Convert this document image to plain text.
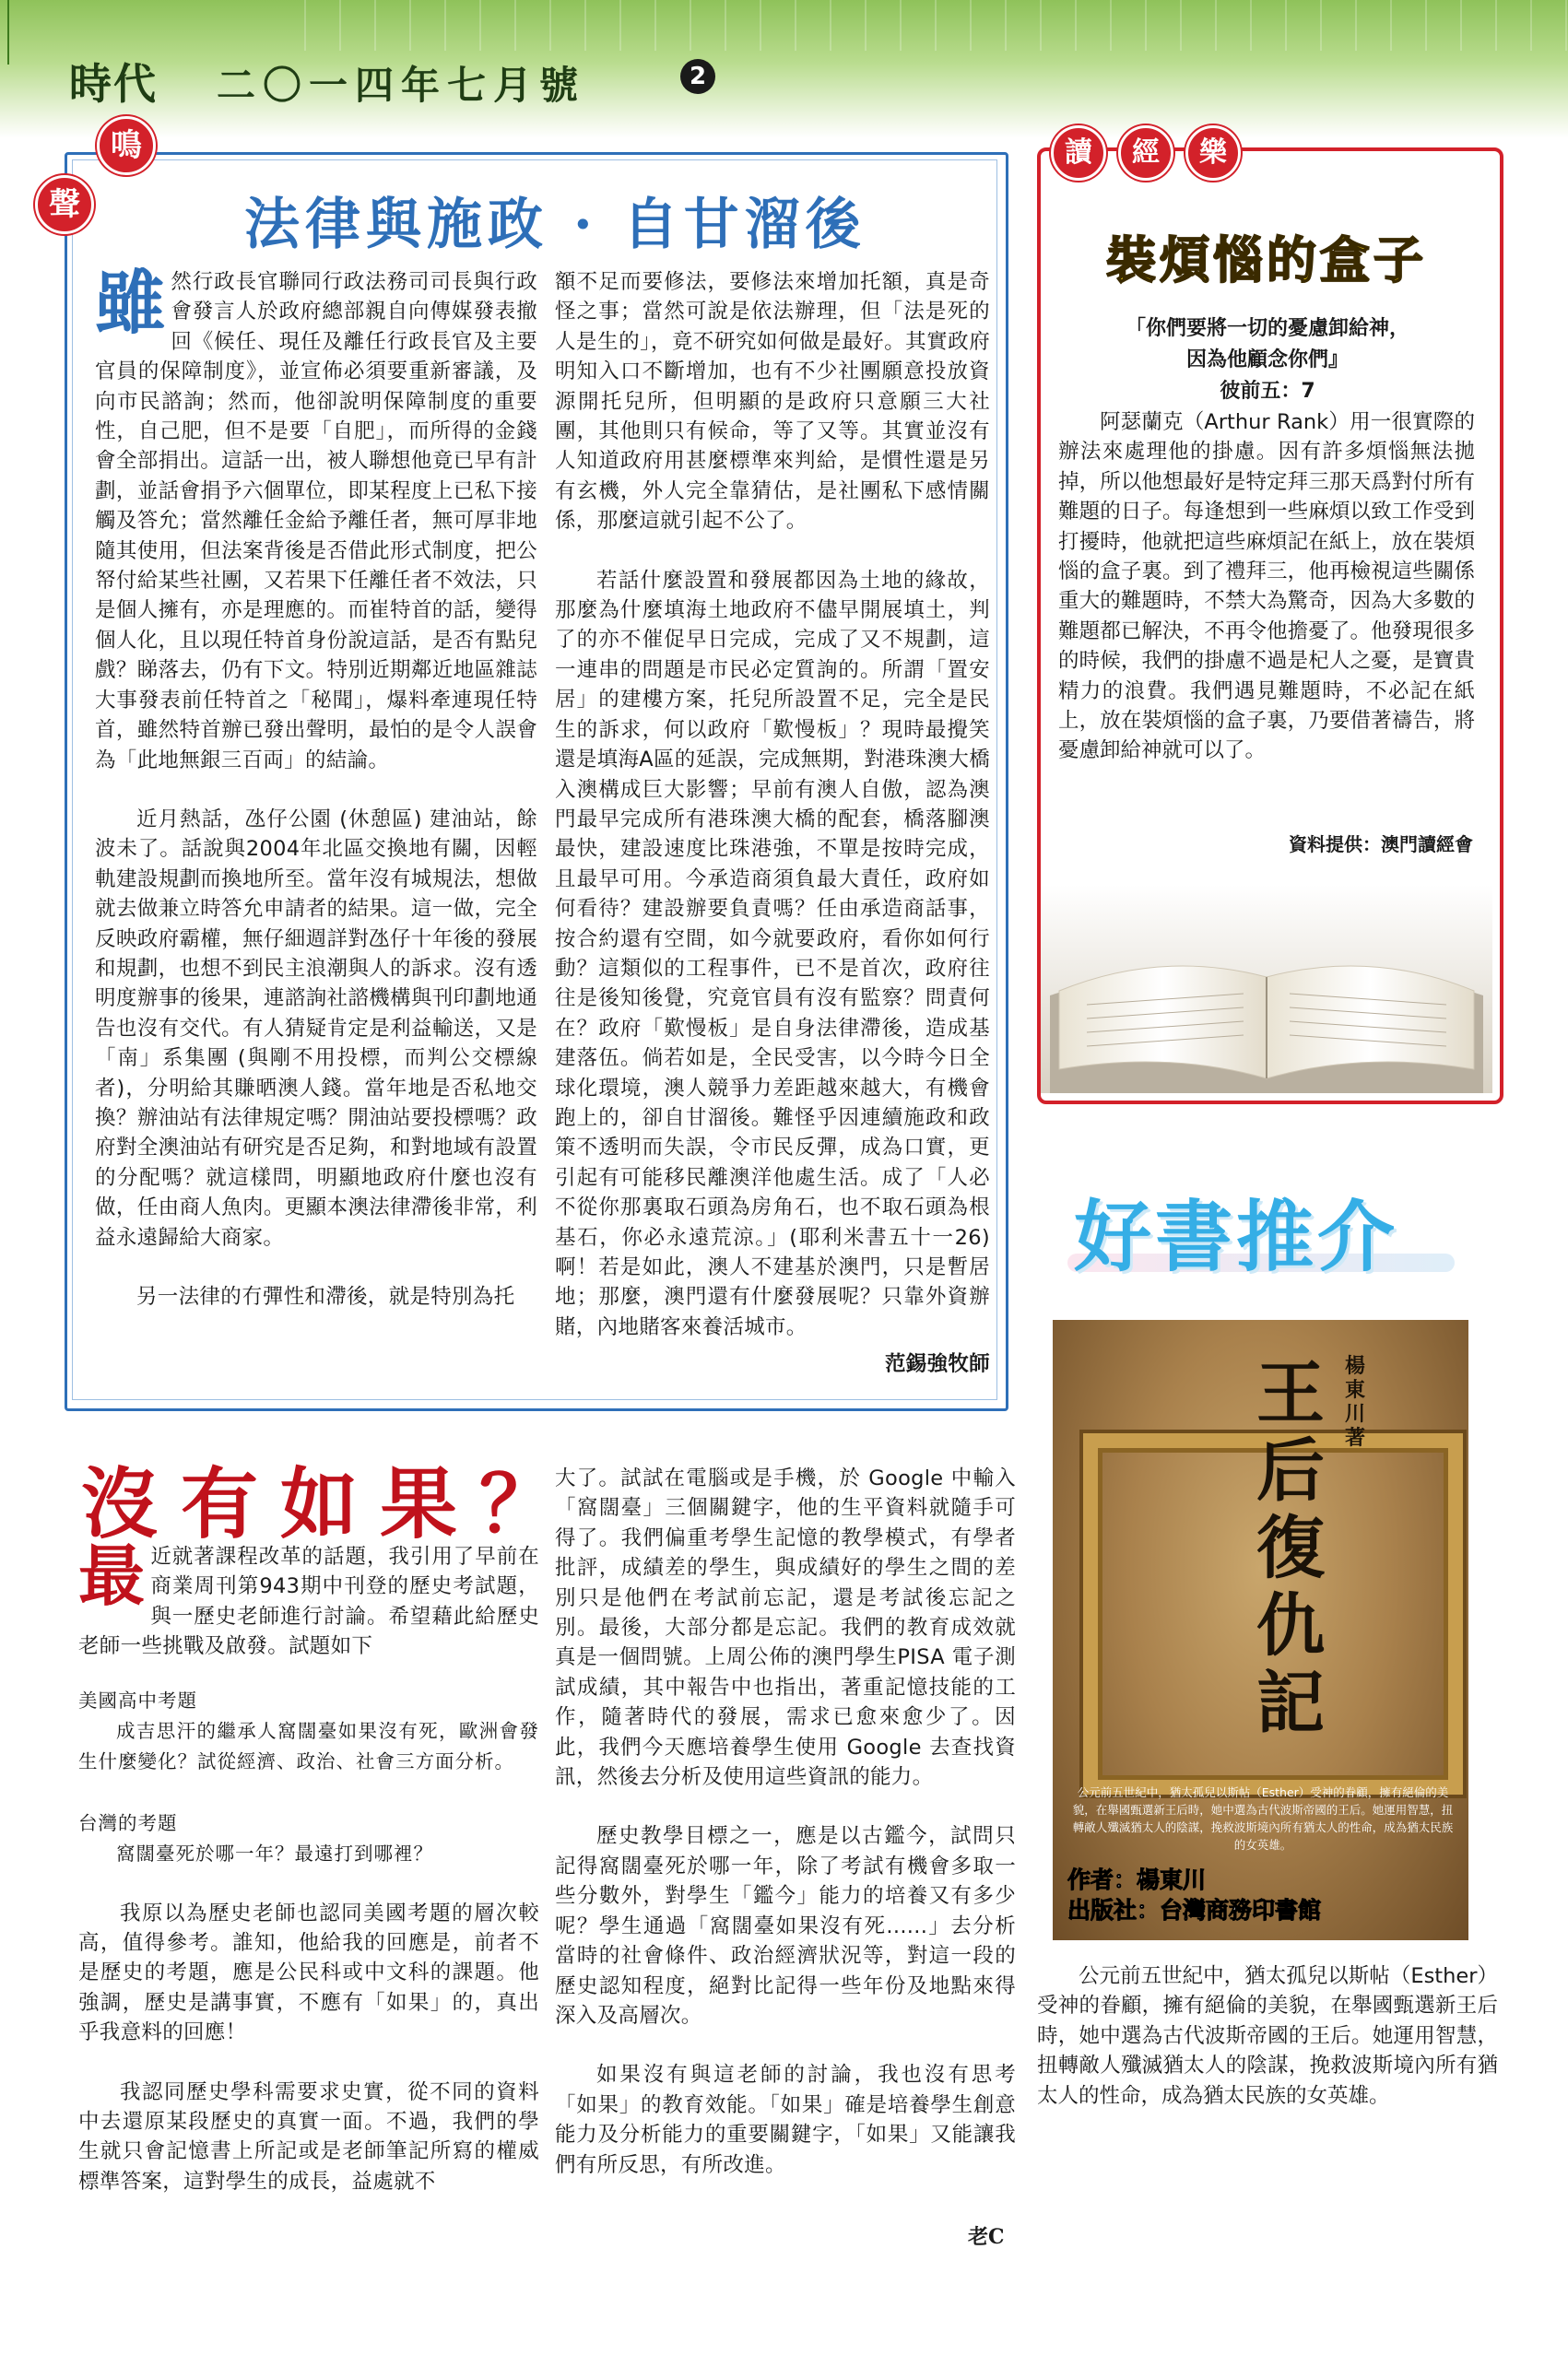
時代 二〇一四年七月號	2
鳴
聲	法律與施政 · 自甘溜後

雖然行政長官聯同行政法務司司長與行政會發言人於政府總部親自向傳媒發表撤回《候任、現任及離任行政長官及主要官員的保障制度》，並宣佈必須要重新審議，及向市民諮詢；然而，他卻說明保障制度的重要性，自己肥，但不是要「自肥」，而所得的金錢會全部捐出。這話一出，被人聯想他竟已早有計劃，並話會捐予六個單位，即某程度上已私下接觸及答允；當然離任金給予離任者，無可厚非地隨其使用，但法案背後是否借此形式制度，把公帑付給某些社團，又若果下任離任者不效法，只是個人擁有，亦是理應的。而崔特首的話，變得個人化，且以現任特首身份說這話，是否有點兒戲？睇落去，仍有下文。特別近期鄰近地區雜誌大事發表前任特首之「秘聞」，爆料牽連現任特首，雖然特首辦已發出聲明，最怕的是令人誤會為「此地無銀三百両」的結論。

近月熱話，氹仔公園 (休憩區) 建油站，餘波未了。話說與2004年北區交換地有關，因輕軌建設規劃而換地所至。當年沒有城規法，想做就去做兼立時答允申請者的結果。這一做，完全反映政府霸權，無仔細週詳對氹仔十年後的發展和規劃，也想不到民主浪潮與人的訴求。沒有透明度辦事的後果，連諮詢社諮機構與刊印劃地通告也沒有交代。有人猜疑肯定是利益輸送，又是「南」系集團 (與剛不用投標，而判公交標線者)，分明給其賺晒澳人錢。當年地是否私地交換？辦油站有法律規定嗎？開油站要投標嗎？政府對全澳油站有研究是否足夠，和對地域有設置的分配嗎？就這樣問，明顯地政府什麼也沒有做，任由商人魚肉。更顯本澳法律滯後非常，利益永遠歸給大商家。

另一法律的冇彈性和滯後，就是特別為托

額不足而要修法，要修法來增加托額，真是奇怪之事；當然可說是依法辦理，但「法是死的人是生的」，竟不研究如何做是最好。其實政府明知入口不斷增加，也有不少社團願意投放資源開托兒所，但明顯的是政府只意願三大社團，其他則只有候命，等了又等。其實並沒有人知道政府用甚麼標準來判給，是慣性還是另有玄機，外人完全靠猜估，是社團私下感情關係，那麼這就引起不公了。

若話什麼設置和發展都因為土地的緣故，那麼為什麼填海土地政府不儘早開展填土，判了的亦不催促早日完成，完成了又不規劃，這一連串的問題是市民必定質詢的。所謂「置安居」的建樓方案，托兒所設置不足，完全是民生的訴求，何以政府「歎慢板」？現時最攪笑還是填海A區的延誤，完成無期，對港珠澳大橋入澳構成巨大影響；早前有澳人自傲，認為澳門最早完成所有港珠澳大橋的配套，橋落腳澳最快，建設速度比珠港強，不單是按時完成，且最早可用。今承造商須負最大責任，政府如何看待？建設辦要負責嗎？任由承造商話事，按合約還有空間，如今就要政府，看你如何行動？這類似的工程事件，已不是首次，政府往往是後知後覺，究竟官員有沒有監察？問責何在？政府「歎慢板」是自身法律滯後，造成基建落伍。倘若如是，全民受害，以今時今日全球化環境，澳人競爭力差距越來越大，有機會跑上的，卻自甘溜後。難怪乎因連續施政和政策不透明而失誤，令市民反彈，成為口實，更引起有可能移民離澳洋他處生活。成了「人必不從你那裏取石頭為房角石，也不取石頭為根基石，你必永遠荒涼。」(耶利米書五十一26) 啊！若是如此，澳人不建基於澳門，只是暫居地；那麼，澳門還有什麼發展呢？只靠外資辦賭，內地賭客來養活城市。

范錫強牧師

讀	經	樂
裝煩惱的盒子
「你們要將一切的憂慮卸給神，
因為他顧念你們』
彼前五：7

阿瑟蘭克（Arthur Rank）用一很實際的辦法來處理他的掛慮。因有許多煩惱無法拋掉，所以他想最好是特定拜三那天爲對付所有難題的日子。每逢想到一些麻煩以致工作受到打擾時，他就把這些麻煩記在紙上，放在裝煩惱的盒子裏。到了禮拜三，他再檢視這些關係重大的難題時，不禁大為驚奇，因為大多數的難題都已解決，不再令他擔憂了。他發現很多的時候，我們的掛慮不過是杞人之憂，是寶貴精力的浪費。我們遇見難題時，不必記在紙上，放在裝煩惱的盒子裏，乃要借著禱告，將憂慮卸給神就可以了。

資料提供：澳門讀經會
好書推介
王后復仇記
楊東川 著
公元前五世紀中，猶太孤兒以斯帖（Esther）受神的眷顧，擁有絕倫的美貌，在舉國甄選新王后時，她中選為古代波斯帝國的王后。她運用智慧，扭轉敵人殲滅猶太人的陰謀，挽救波斯境內所有猶太人的性命，成為猶太民族的女英雄。
作者：楊東川
出版社：台灣商務印書館

公元前五世紀中，猶太孤兒以斯帖（Esther）受神的眷顧，擁有絕倫的美貌，在舉國甄選新王后時，她中選為古代波斯帝國的王后。她運用智慧，扭轉敵人殲滅猶太人的陰謀，挽救波斯境內所有猶太人的性命，成為猶太民族的女英雄。

沒有如果？

最近就著課程改革的話題，我引用了早前在商業周刊第943期中刊登的歷史考試題，與一歷史老師進行討論。希望藉此給歷史老師一些挑戰及啟發。試題如下

美國高中考題
成吉思汗的繼承人窩闊臺如果沒有死，歐洲會發生什麼變化？試從經濟、政治、社會三方面分析。
台灣的考題
窩闊臺死於哪一年？最遠打到哪裡？

我原以為歷史老師也認同美國考題的層次較高，值得參考。誰知，他給我的回應是，前者不是歷史的考題，應是公民科或中文科的課題。他強調，歷史是講事實，不應有「如果」的，真出乎我意料的回應！

我認同歷史學科需要求史實，從不同的資料中去還原某段歷史的真實一面。不過，我們的學生就只會記憶書上所記或是老師筆記所寫的權威標準答案，這對學生的成長，益處就不

大了。試試在電腦或是手機，於 Google 中輸入「窩闊臺」三個關鍵字，他的生平資料就隨手可得了。我們偏重考學生記憶的教學模式，有學者批評，成績差的學生，與成績好的學生之間的差別只是他們在考試前忘記，還是考試後忘記之別。最後，大部分都是忘記。我們的教育成效就真是一個問號。上周公佈的澳門學生PISA 電子測試成績，其中報告中也指出，著重記憶技能的工作，隨著時代的發展，需求已愈來愈少了。因此，我們今天應培養學生使用 Google 去查找資訊，然後去分析及使用這些資訊的能力。

歷史教學目標之一，應是以古鑑今，試問只記得窩闊臺死於哪一年，除了考試有機會多取一些分數外，對學生「鑑今」能力的培養又有多少呢？學生通過「窩闊臺如果沒有死......」去分析當時的社會條件、政治經濟狀況等，對這一段的歷史認知程度，絕對比記得一些年份及地點來得深入及高層次。

如果沒有與這老師的討論，我也沒有思考「如果」的教育效能。「如果」確是培養學生創意能力及分析能力的重要關鍵字，「如果」又能讓我們有所反思，有所改進。

老C
